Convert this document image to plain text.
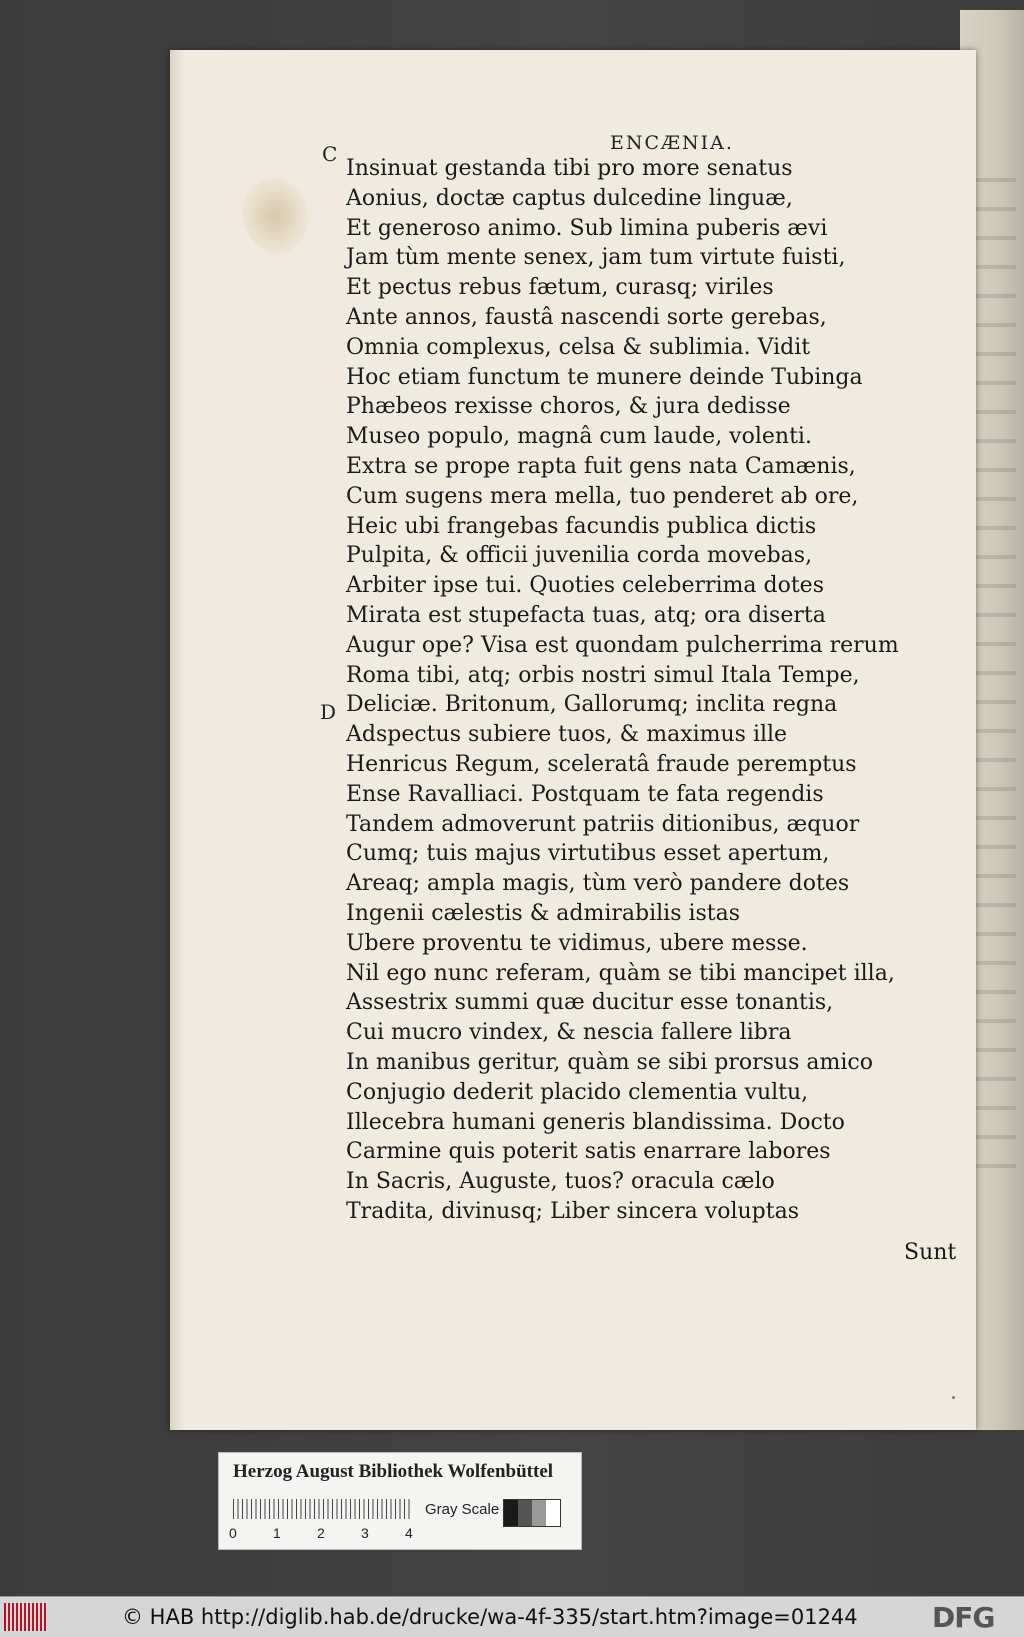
ENCÆNIA.
C
D
Insinuat gestanda tibi pro more senatus
Aonius, doctæ captus dulcedine linguæ,
Et generoso animo. Sub limina puberis ævi
Jam tùm mente senex, jam tum virtute fuisti,
Et pectus rebus fætum, curasq; viriles
Ante annos, faustâ nascendi sorte gerebas,
Omnia complexus, celsa & sublimia. Vidit
Hoc etiam functum te munere deinde Tubinga
Phæbeos rexisse choros, & jura dedisse
Museo populo, magnâ cum laude, volenti.
Extra se prope rapta fuit gens nata Camænis,
Cum sugens mera mella, tuo penderet ab ore,
Heic ubi frangebas facundis publica dictis
Pulpita, & officii juvenilia corda movebas,
Arbiter ipse tui. Quoties celeberrima dotes
Mirata est stupefacta tuas, atq; ora diserta
Augur ope? Visa est quondam pulcherrima rerum
Roma tibi, atq; orbis nostri simul Itala Tempe,
Deliciæ. Britonum, Gallorumq; inclita regna
Adspectus subiere tuos, & maximus ille
Henricus Regum, sceleratâ fraude peremptus
Ense Ravalliaci. Postquam te fata regendis
Tandem admoverunt patriis ditionibus, æquor
Cumq; tuis majus virtutibus esset apertum,
Areaq; ampla magis, tùm verò pandere dotes
Ingenii cælestis & admirabilis istas
Ubere proventu te vidimus, ubere messe.
Nil ego nunc referam, quàm se tibi mancipet illa,
Assestrix summi quæ ducitur esse tonantis,
Cui mucro vindex, & nescia fallere libra
In manibus geritur, quàm se sibi prorsus amico
Conjugio dederit placido clementia vultu,
Illecebra humani generis blandissima. Docto
Carmine quis poterit satis enarrare labores
In Sacris, Auguste, tuos? oracula cælo
Tradita, divinusq; Liber sincera voluptas
Sunt
Herzog August Bibliothek Wolfenbüttel
0	1	2	3	4
Gray Scale
© HAB http://diglib.hab.de/drucke/wa-4f-335/start.htm?image=01244	DFG
